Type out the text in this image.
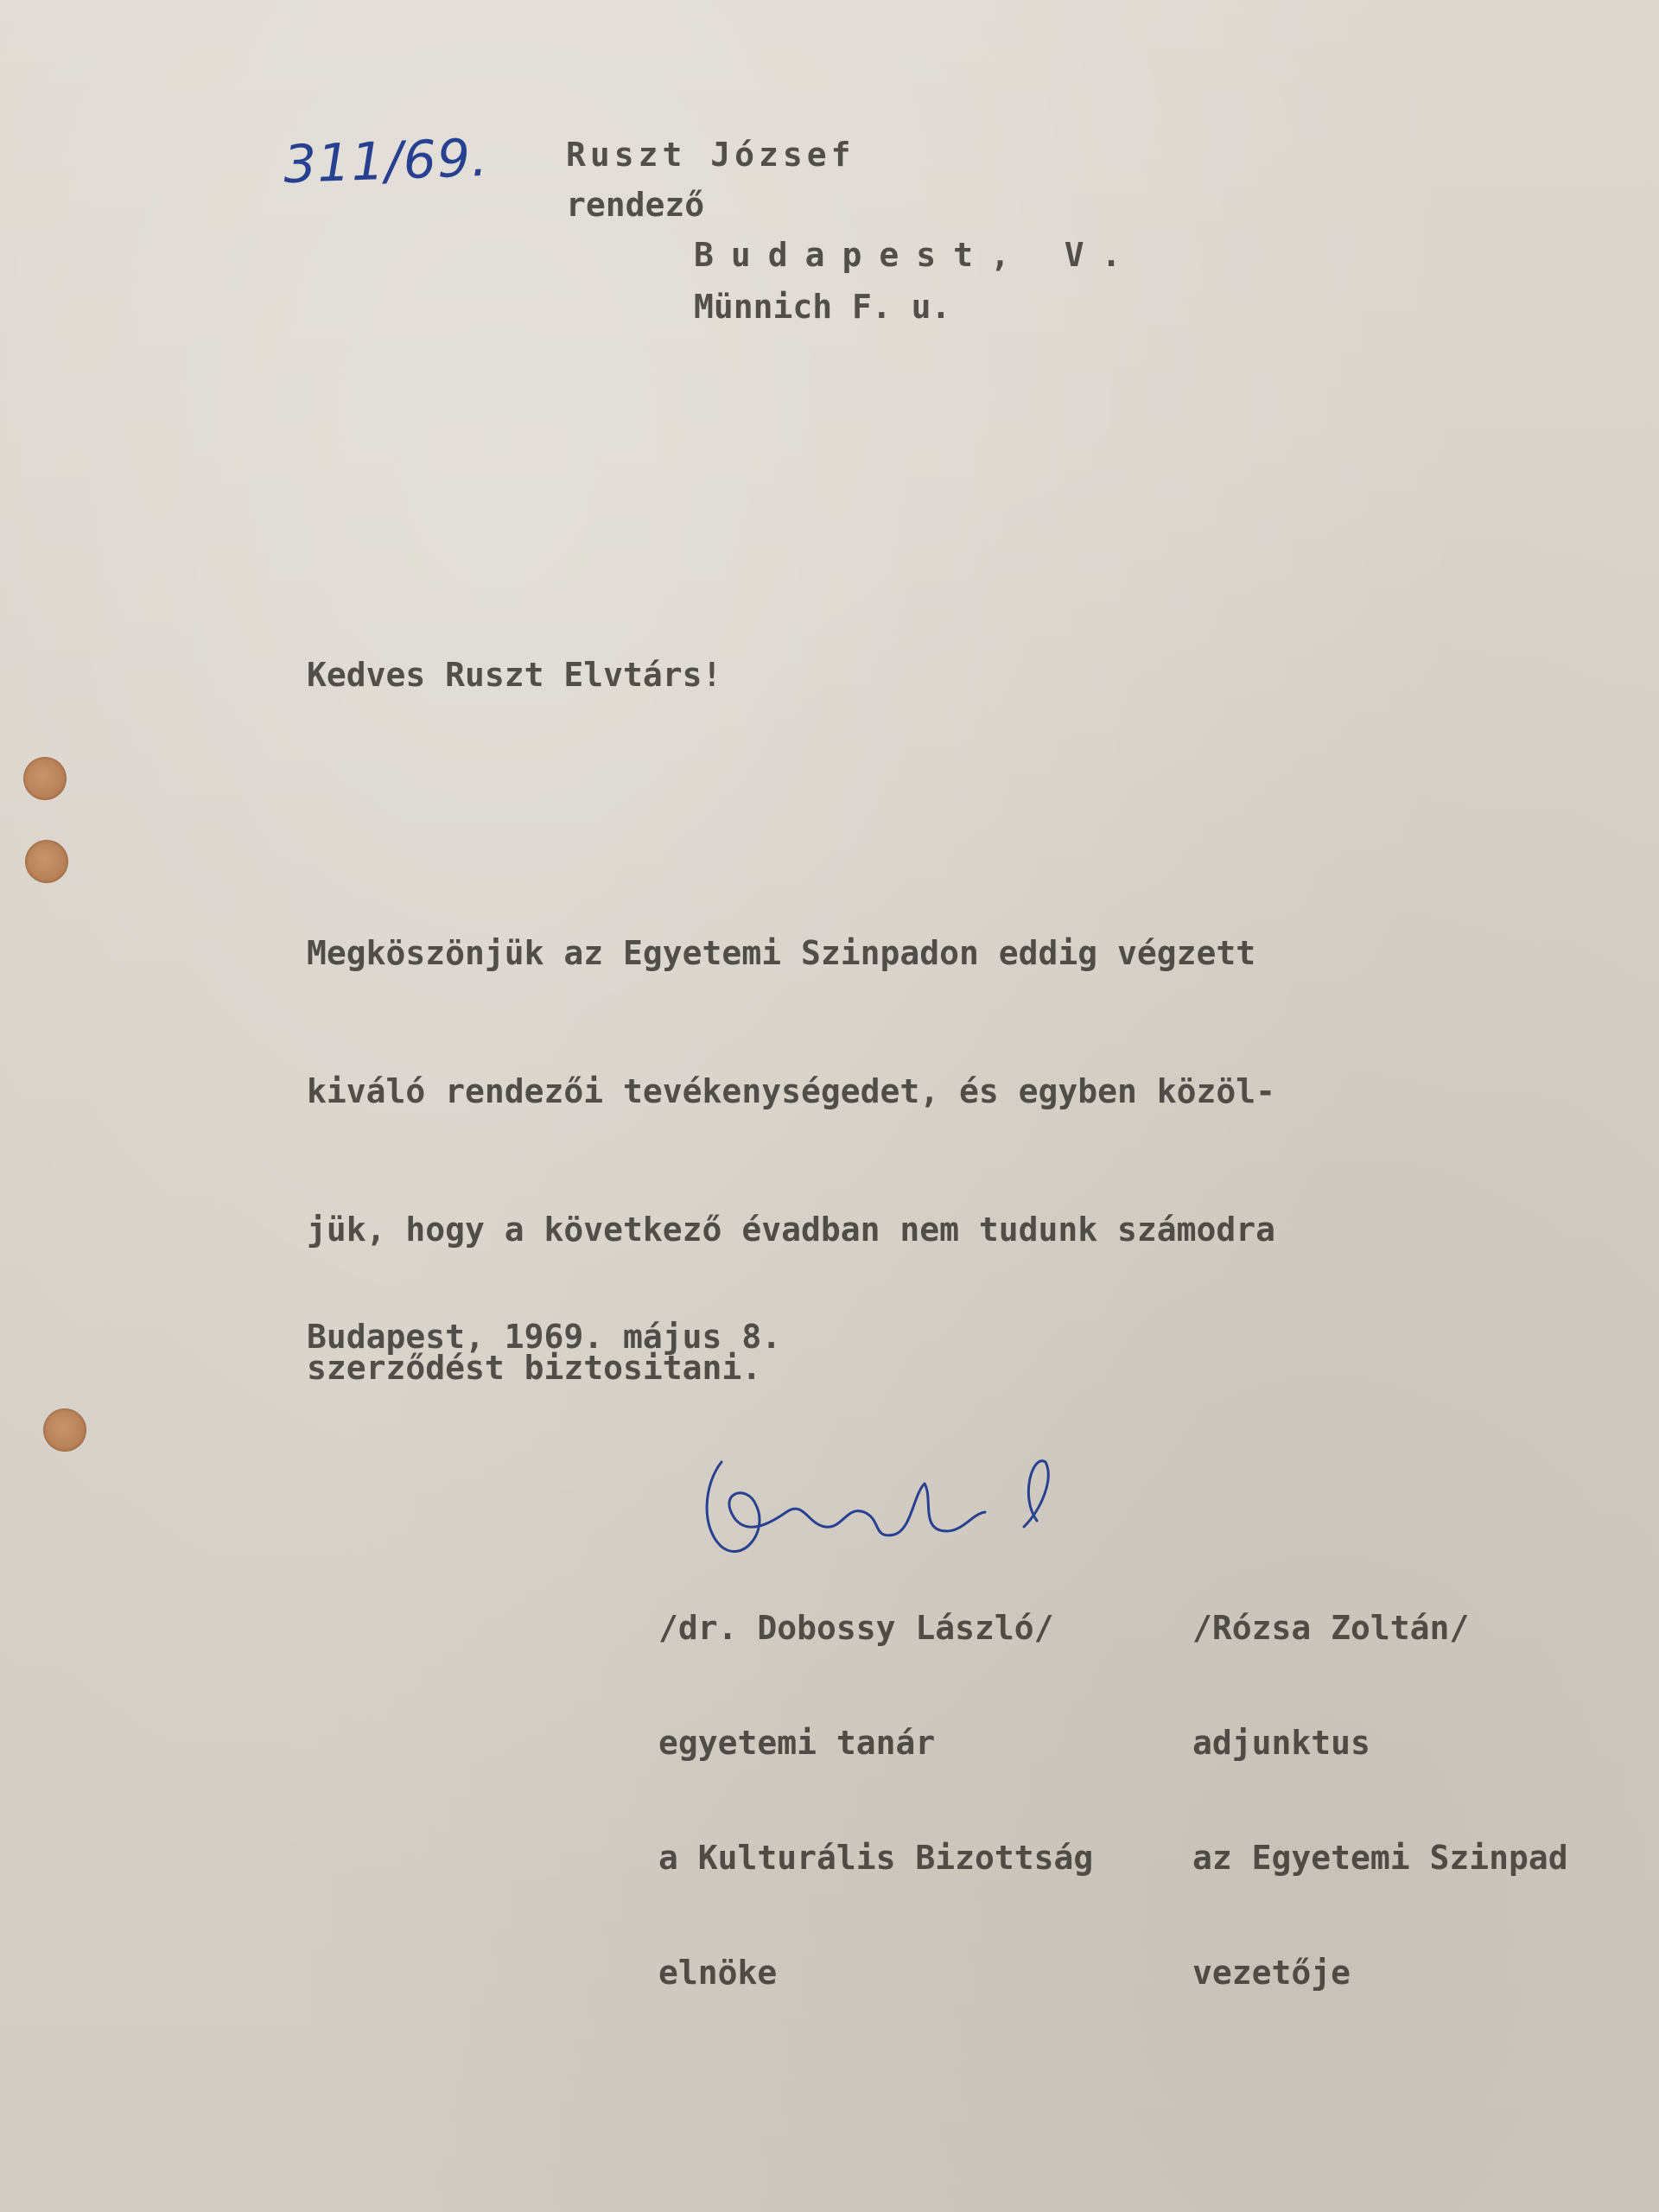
311/69. Ruszt József
rendező
Budapest, V.
Münnich F. u.
Kedves Ruszt Elvtárs!

Megköszönjük az Egyetemi Szinpadon eddig végzett

kiváló rendezői tevékenységedet, és egyben közöl-

jük, hogy a következő évadban nem tudunk számodra

szerződést biztositani.

Budapest, 1969. május 8.

/dr. Dobossy László/

egyetemi tanár

a Kulturális Bizottság

elnöke

/Rózsa Zoltán/

adjunktus

az Egyetemi Szinpad

vezetője
